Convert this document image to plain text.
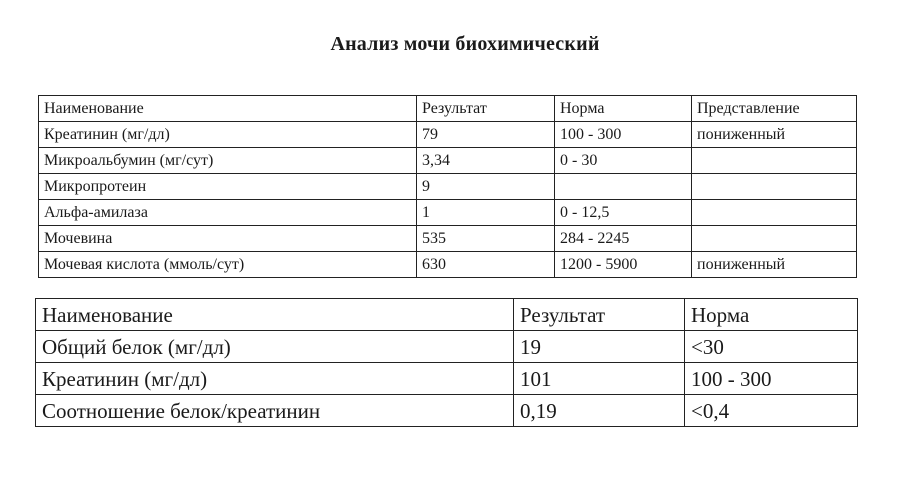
Анализ мочи биохимический
Наименование	Результат	Норма	Представление
Креатинин (мг/дл)	79	100 - 300	пониженный
Микроальбумин (мг/сут)	3,34	0 - 30	
Микропротеин	9		
Альфа-амилаза	1	0 - 12,5	
Мочевина	535	284 - 2245	
Мочевая кислота (ммоль/сут)	630	1200 - 5900	пониженный
Наименование	Результат	Норма
Общий белок (мг/дл)	19	<30
Креатинин (мг/дл)	101	100 - 300
Соотношение белок/креатинин	0,19	<0,4
